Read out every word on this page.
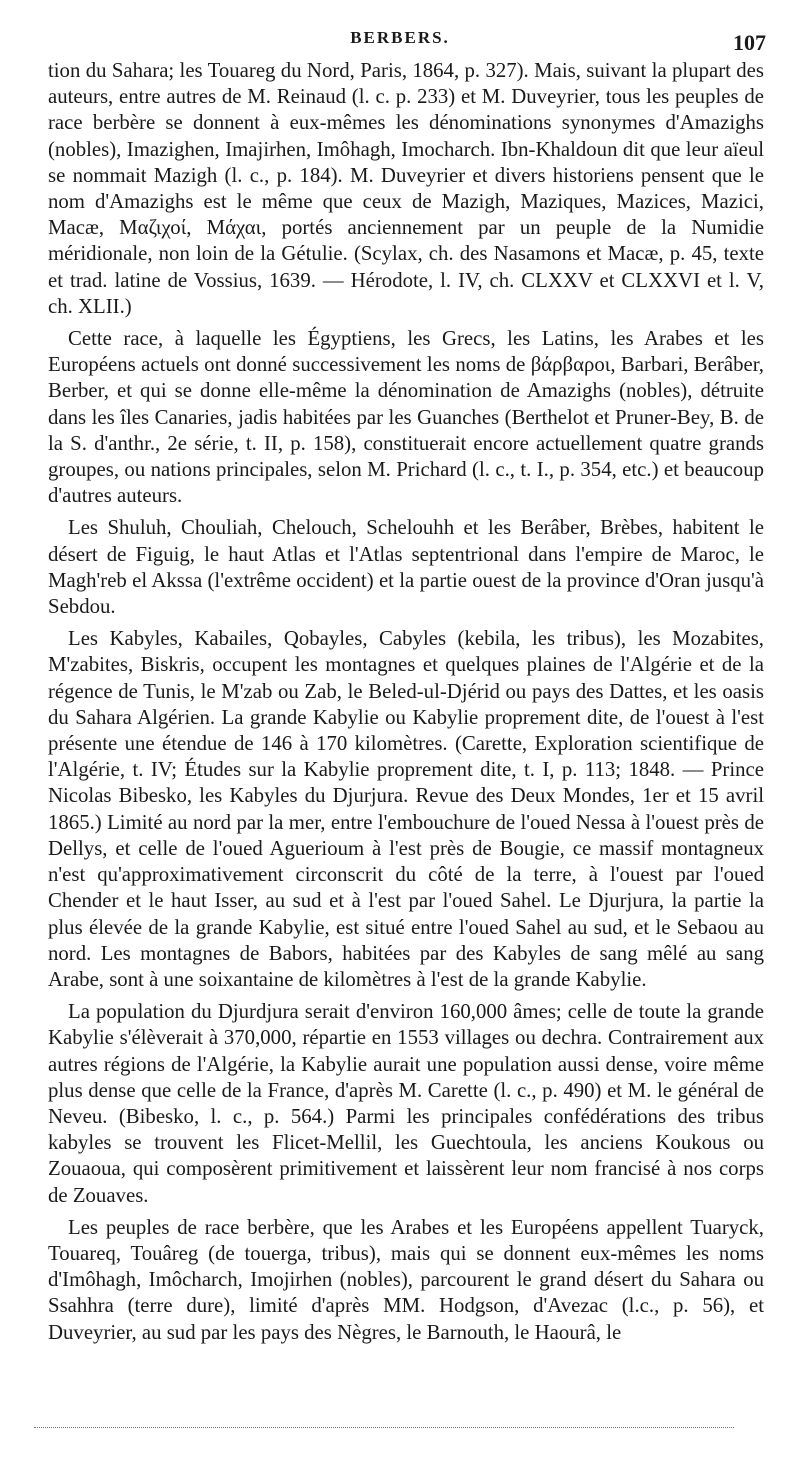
BERBERS.	107

tion du Sahara; les Touareg du Nord, Paris, 1864, p. 327). Mais, suivant la plupart des auteurs, entre autres de M. Reinaud (l. c. p. 233) et M. Duveyrier, tous les peuples de race berbère se donnent à eux-mêmes les dénominations synonymes d'Amazighs (nobles), Imazighen, Imajirhen, Imôhagh, Imocharch. Ibn-Khaldoun dit que leur aïeul se nommait Mazigh (l. c., p. 184). M. Duveyrier et divers historiens pensent que le nom d'Amazighs est le même que ceux de Mazigh, Maziques, Mazices, Mazici, Macæ, Μαζιχοί, Μάχαι, portés anciennement par un peuple de la Numidie méridionale, non loin de la Gétulie. (Scylax, ch. des Nasamons et Macæ, p. 45, texte et trad. latine de Vossius, 1639. — Hérodote, l. IV, ch. CLXXV et CLXXVI et l. V, ch. XLII.)

Cette race, à laquelle les Égyptiens, les Grecs, les Latins, les Arabes et les Européens actuels ont donné successivement les noms de βάρβαροι, Barbari, Berâber, Berber, et qui se donne elle-même la dénomination de Amazighs (nobles), détruite dans les îles Canaries, jadis habitées par les Guanches (Berthelot et Pruner-Bey, B. de la S. d'anthr., 2e série, t. II, p. 158), constituerait encore actuellement quatre grands groupes, ou nations principales, selon M. Prichard (l. c., t. I., p. 354, etc.) et beaucoup d'autres auteurs.

Les Shuluh, Chouliah, Chelouch, Schelouhh et les Berâber, Brèbes, habitent le désert de Figuig, le haut Atlas et l'Atlas septentrional dans l'empire de Maroc, le Magh'reb el Akssa (l'extrême occident) et la partie ouest de la province d'Oran jusqu'à Sebdou.

Les Kabyles, Kabailes, Qobayles, Cabyles (kebila, les tribus), les Mozabites, M'zabites, Biskris, occupent les montagnes et quelques plaines de l'Algérie et de la régence de Tunis, le M'zab ou Zab, le Beled-ul-Djérid ou pays des Dattes, et les oasis du Sahara Algérien. La grande Kabylie ou Kabylie proprement dite, de l'ouest à l'est présente une étendue de 146 à 170 kilomètres. (Carette, Exploration scientifique de l'Algérie, t. IV; Études sur la Kabylie proprement dite, t. I, p. 113; 1848. — Prince Nicolas Bibesko, les Kabyles du Djurjura. Revue des Deux Mondes, 1er et 15 avril 1865.) Limité au nord par la mer, entre l'embouchure de l'oued Nessa à l'ouest près de Dellys, et celle de l'oued Aguerioum à l'est près de Bougie, ce massif montagneux n'est qu'approximativement circonscrit du côté de la terre, à l'ouest par l'oued Chender et le haut Isser, au sud et à l'est par l'oued Sahel. Le Djurjura, la partie la plus élevée de la grande Kabylie, est situé entre l'oued Sahel au sud, et le Sebaou au nord. Les montagnes de Babors, habitées par des Kabyles de sang mêlé au sang Arabe, sont à une soixantaine de kilomètres à l'est de la grande Kabylie.

La population du Djurdjura serait d'environ 160,000 âmes; celle de toute la grande Kabylie s'élèverait à 370,000, répartie en 1553 villages ou dechra. Contrairement aux autres régions de l'Algérie, la Kabylie aurait une population aussi dense, voire même plus dense que celle de la France, d'après M. Carette (l. c., p. 490) et M. le général de Neveu. (Bibesko, l. c., p. 564.) Parmi les principales confédérations des tribus kabyles se trouvent les Flicet-Mellil, les Guechtoula, les anciens Koukous ou Zouaoua, qui composèrent primitivement et laissèrent leur nom francisé à nos corps de Zouaves.

Les peuples de race berbère, que les Arabes et les Européens appellent Tuaryck, Touareq, Touâreg (de touerga, tribus), mais qui se donnent eux-mêmes les noms d'Imôhagh, Imôcharch, Imojirhen (nobles), parcourent le grand désert du Sahara ou Ssahhra (terre dure), limité d'après MM. Hodgson, d'Avezac (l.c., p. 56), et Duveyrier, au sud par les pays des Nègres, le Barnouth, le Haourâ, le
